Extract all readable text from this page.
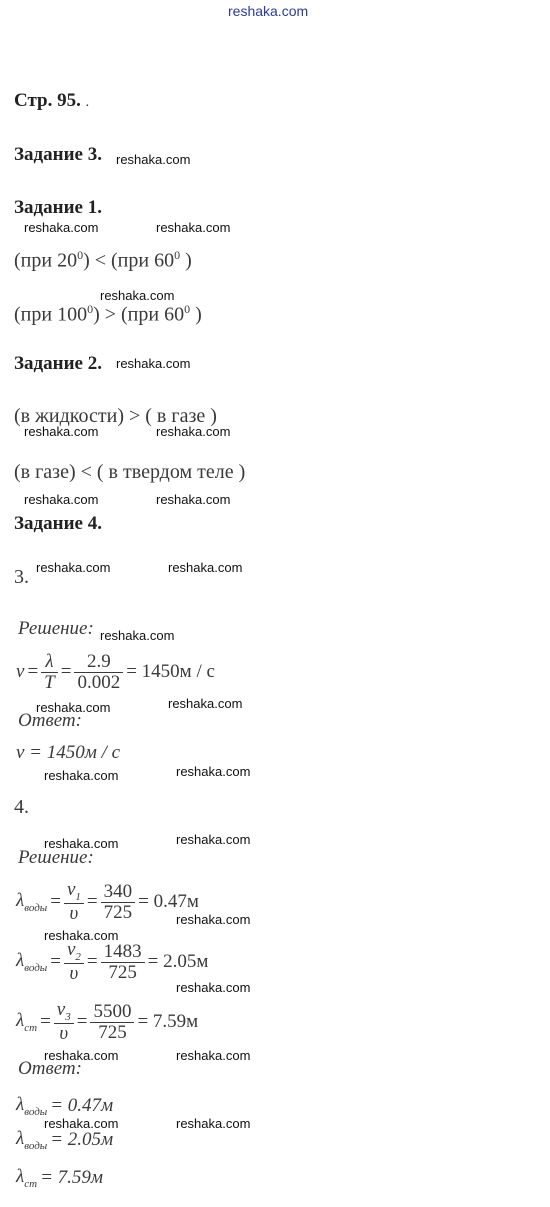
reshaka.com
Стр. 95. .
Задание 3. reshaka.com
Задание 1.
reshaka.com	reshaka.com
(при $20^0) < (при$ $60^0$ )
reshaka.com
(при $100^0) > (при$ $60^0$ )
Задание 2. reshaka.com
(в жидкости) > ( в газе )
reshaka.com	reshaka.com
(в газе) < ( в твердом теле )
reshaka.com	reshaka.com
Задание 4.
3. reshaka.com	reshaka.com
Решение: reshaka.com
$v = \frac{\lambda}{T} = \frac{2.9}{0.002} = 1450м / с$
Ответ:
reshaka.com	reshaka.com
v = 1450м / с
reshaka.com	reshaka.com
4.
reshaka.com	reshaka.com
Решение:
$\lambda_{воды} = \frac{v_1}{\upsilon} = \frac{340}{725} = 0.47м$
reshaka.com
reshaka.com
$\lambda_{воды} = \frac{v_2}{\upsilon} = \frac{1483}{725} = 2.05м$
reshaka.com
$\lambda_{ст} = \frac{v_3}{\upsilon} = \frac{5500}{725} = 7.59м$
reshaka.com	reshaka.com
Ответ:
$\lambda_{воды} = 0.47м$
reshaka.com	reshaka.com
$\lambda_{воды} = 2.05м$
$\lambda_{ст} = 7.59м$
